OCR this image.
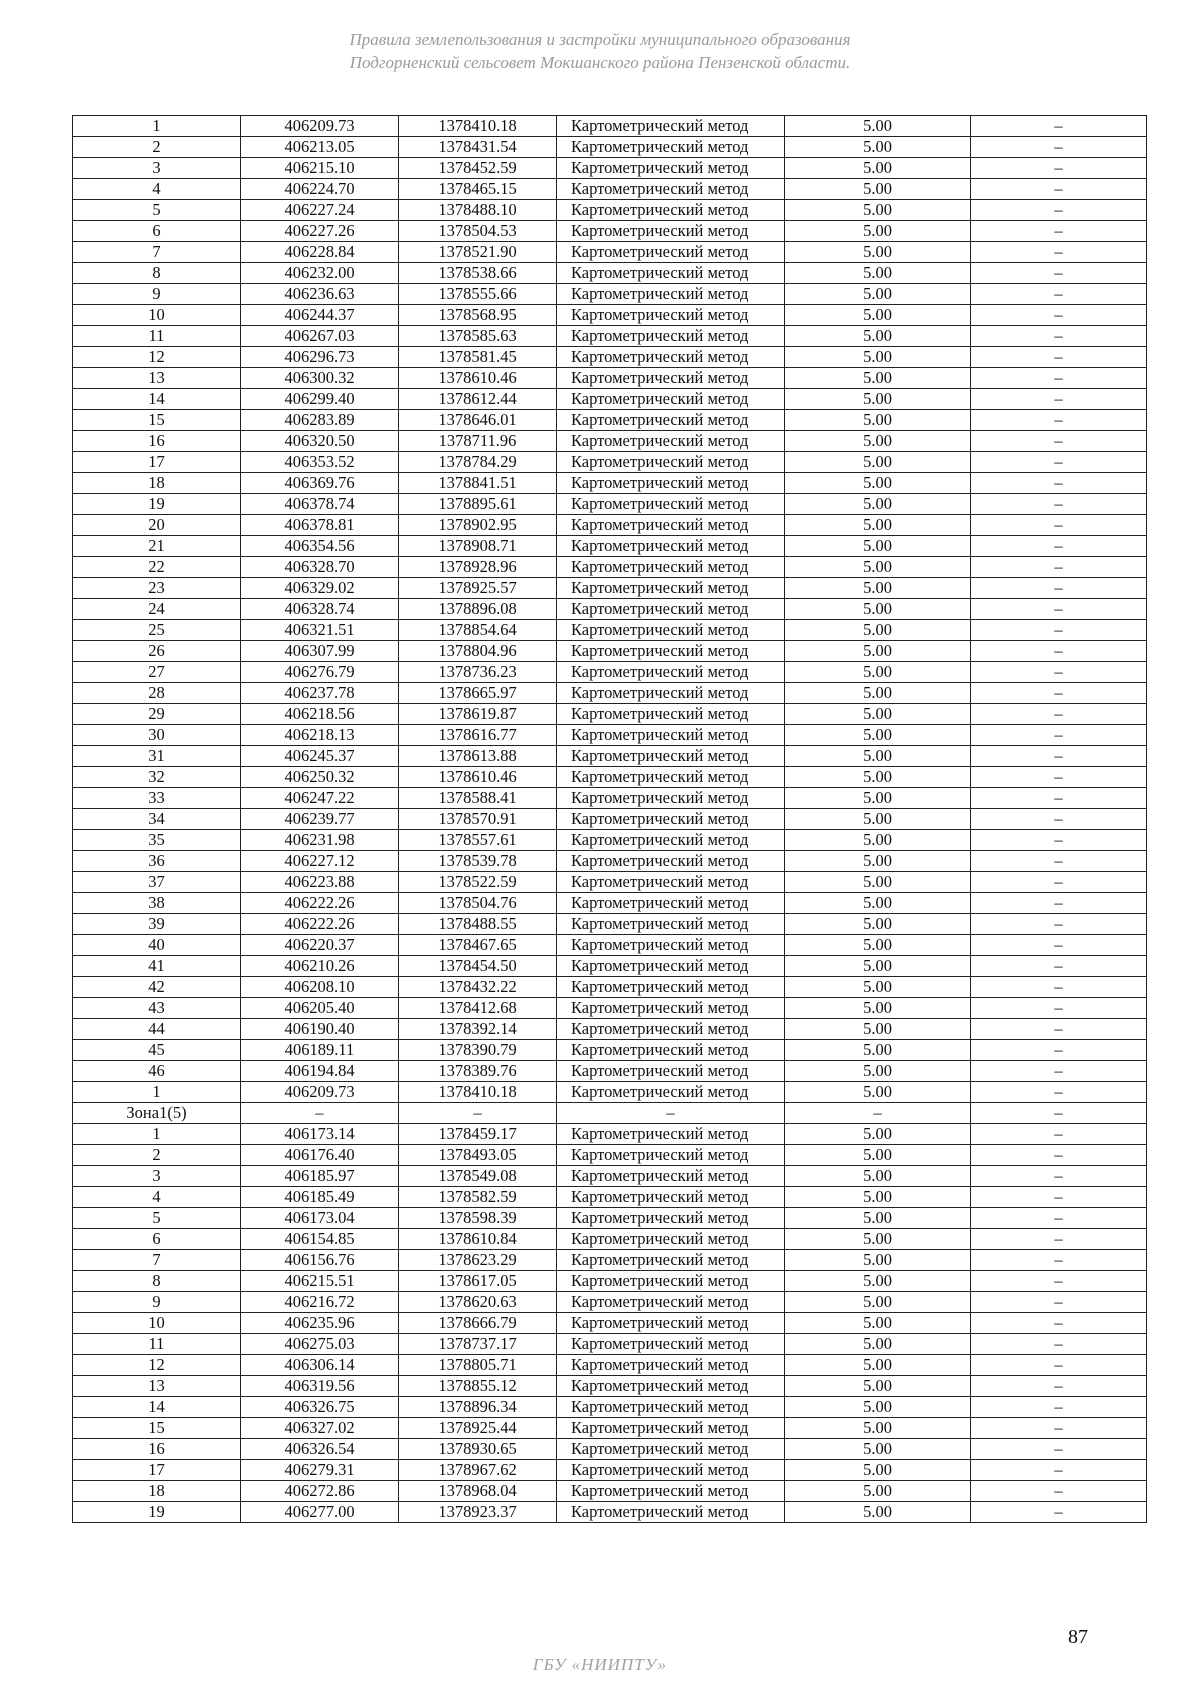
Правила землепользования и застройки муниципального образования
Подгорненский сельсовет Мокшанского района Пензенской области.
1	406209.73	1378410.18	Картометрический метод	5.00	–
2	406213.05	1378431.54	Картометрический метод	5.00	–
3	406215.10	1378452.59	Картометрический метод	5.00	–
4	406224.70	1378465.15	Картометрический метод	5.00	–
5	406227.24	1378488.10	Картометрический метод	5.00	–
6	406227.26	1378504.53	Картометрический метод	5.00	–
7	406228.84	1378521.90	Картометрический метод	5.00	–
8	406232.00	1378538.66	Картометрический метод	5.00	–
9	406236.63	1378555.66	Картометрический метод	5.00	–
10	406244.37	1378568.95	Картометрический метод	5.00	–
11	406267.03	1378585.63	Картометрический метод	5.00	–
12	406296.73	1378581.45	Картометрический метод	5.00	–
13	406300.32	1378610.46	Картометрический метод	5.00	–
14	406299.40	1378612.44	Картометрический метод	5.00	–
15	406283.89	1378646.01	Картометрический метод	5.00	–
16	406320.50	1378711.96	Картометрический метод	5.00	–
17	406353.52	1378784.29	Картометрический метод	5.00	–
18	406369.76	1378841.51	Картометрический метод	5.00	–
19	406378.74	1378895.61	Картометрический метод	5.00	–
20	406378.81	1378902.95	Картометрический метод	5.00	–
21	406354.56	1378908.71	Картометрический метод	5.00	–
22	406328.70	1378928.96	Картометрический метод	5.00	–
23	406329.02	1378925.57	Картометрический метод	5.00	–
24	406328.74	1378896.08	Картометрический метод	5.00	–
25	406321.51	1378854.64	Картометрический метод	5.00	–
26	406307.99	1378804.96	Картометрический метод	5.00	–
27	406276.79	1378736.23	Картометрический метод	5.00	–
28	406237.78	1378665.97	Картометрический метод	5.00	–
29	406218.56	1378619.87	Картометрический метод	5.00	–
30	406218.13	1378616.77	Картометрический метод	5.00	–
31	406245.37	1378613.88	Картометрический метод	5.00	–
32	406250.32	1378610.46	Картометрический метод	5.00	–
33	406247.22	1378588.41	Картометрический метод	5.00	–
34	406239.77	1378570.91	Картометрический метод	5.00	–
35	406231.98	1378557.61	Картометрический метод	5.00	–
36	406227.12	1378539.78	Картометрический метод	5.00	–
37	406223.88	1378522.59	Картометрический метод	5.00	–
38	406222.26	1378504.76	Картометрический метод	5.00	–
39	406222.26	1378488.55	Картометрический метод	5.00	–
40	406220.37	1378467.65	Картометрический метод	5.00	–
41	406210.26	1378454.50	Картометрический метод	5.00	–
42	406208.10	1378432.22	Картометрический метод	5.00	–
43	406205.40	1378412.68	Картометрический метод	5.00	–
44	406190.40	1378392.14	Картометрический метод	5.00	–
45	406189.11	1378390.79	Картометрический метод	5.00	–
46	406194.84	1378389.76	Картометрический метод	5.00	–
1	406209.73	1378410.18	Картометрический метод	5.00	–
Зона1(5)	–	–	–	–	–
1	406173.14	1378459.17	Картометрический метод	5.00	–
2	406176.40	1378493.05	Картометрический метод	5.00	–
3	406185.97	1378549.08	Картометрический метод	5.00	–
4	406185.49	1378582.59	Картометрический метод	5.00	–
5	406173.04	1378598.39	Картометрический метод	5.00	–
6	406154.85	1378610.84	Картометрический метод	5.00	–
7	406156.76	1378623.29	Картометрический метод	5.00	–
8	406215.51	1378617.05	Картометрический метод	5.00	–
9	406216.72	1378620.63	Картометрический метод	5.00	–
10	406235.96	1378666.79	Картометрический метод	5.00	–
11	406275.03	1378737.17	Картометрический метод	5.00	–
12	406306.14	1378805.71	Картометрический метод	5.00	–
13	406319.56	1378855.12	Картометрический метод	5.00	–
14	406326.75	1378896.34	Картометрический метод	5.00	–
15	406327.02	1378925.44	Картометрический метод	5.00	–
16	406326.54	1378930.65	Картометрический метод	5.00	–
17	406279.31	1378967.62	Картометрический метод	5.00	–
18	406272.86	1378968.04	Картометрический метод	5.00	–
19	406277.00	1378923.37	Картометрический метод	5.00	–
87
ГБУ «НИИПТУ»
